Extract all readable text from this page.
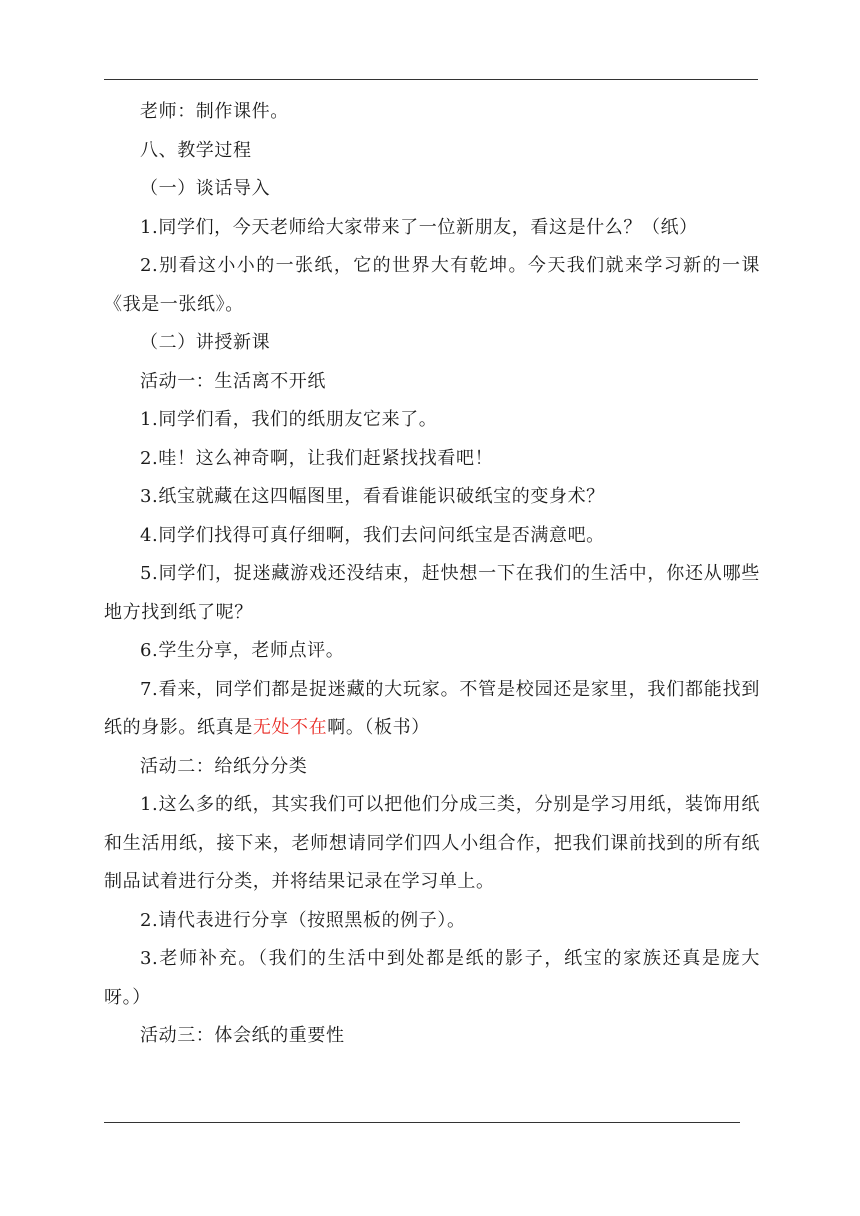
老师：制作课件。

八、教学过程

（一）谈话导入

1.同学们，今天老师给大家带来了一位新朋友，看这是什么？（纸）

2.别看这小小的一张纸，它的世界大有乾坤。今天我们就来学习新的一课《我是一张纸》。

（二）讲授新课

活动一：生活离不开纸

1.同学们看，我们的纸朋友它来了。

2.哇！这么神奇啊，让我们赶紧找找看吧！

3.纸宝就藏在这四幅图里，看看谁能识破纸宝的变身术？

4.同学们找得可真仔细啊，我们去问问纸宝是否满意吧。

5.同学们，捉迷藏游戏还没结束，赶快想一下在我们的生活中，你还从哪些地方找到纸了呢？

6.学生分享，老师点评。

7.看来，同学们都是捉迷藏的大玩家。不管是校园还是家里，我们都能找到纸的身影。纸真是无处不在啊。（板书）

活动二：给纸分分类

1.这么多的纸，其实我们可以把他们分成三类，分别是学习用纸，装饰用纸和生活用纸，接下来，老师想请同学们四人小组合作，把我们课前找到的所有纸制品试着进行分类，并将结果记录在学习单上。

2.请代表进行分享（按照黑板的例子）。

3.老师补充。（我们的生活中到处都是纸的影子，纸宝的家族还真是庞大呀。）

活动三：体会纸的重要性
